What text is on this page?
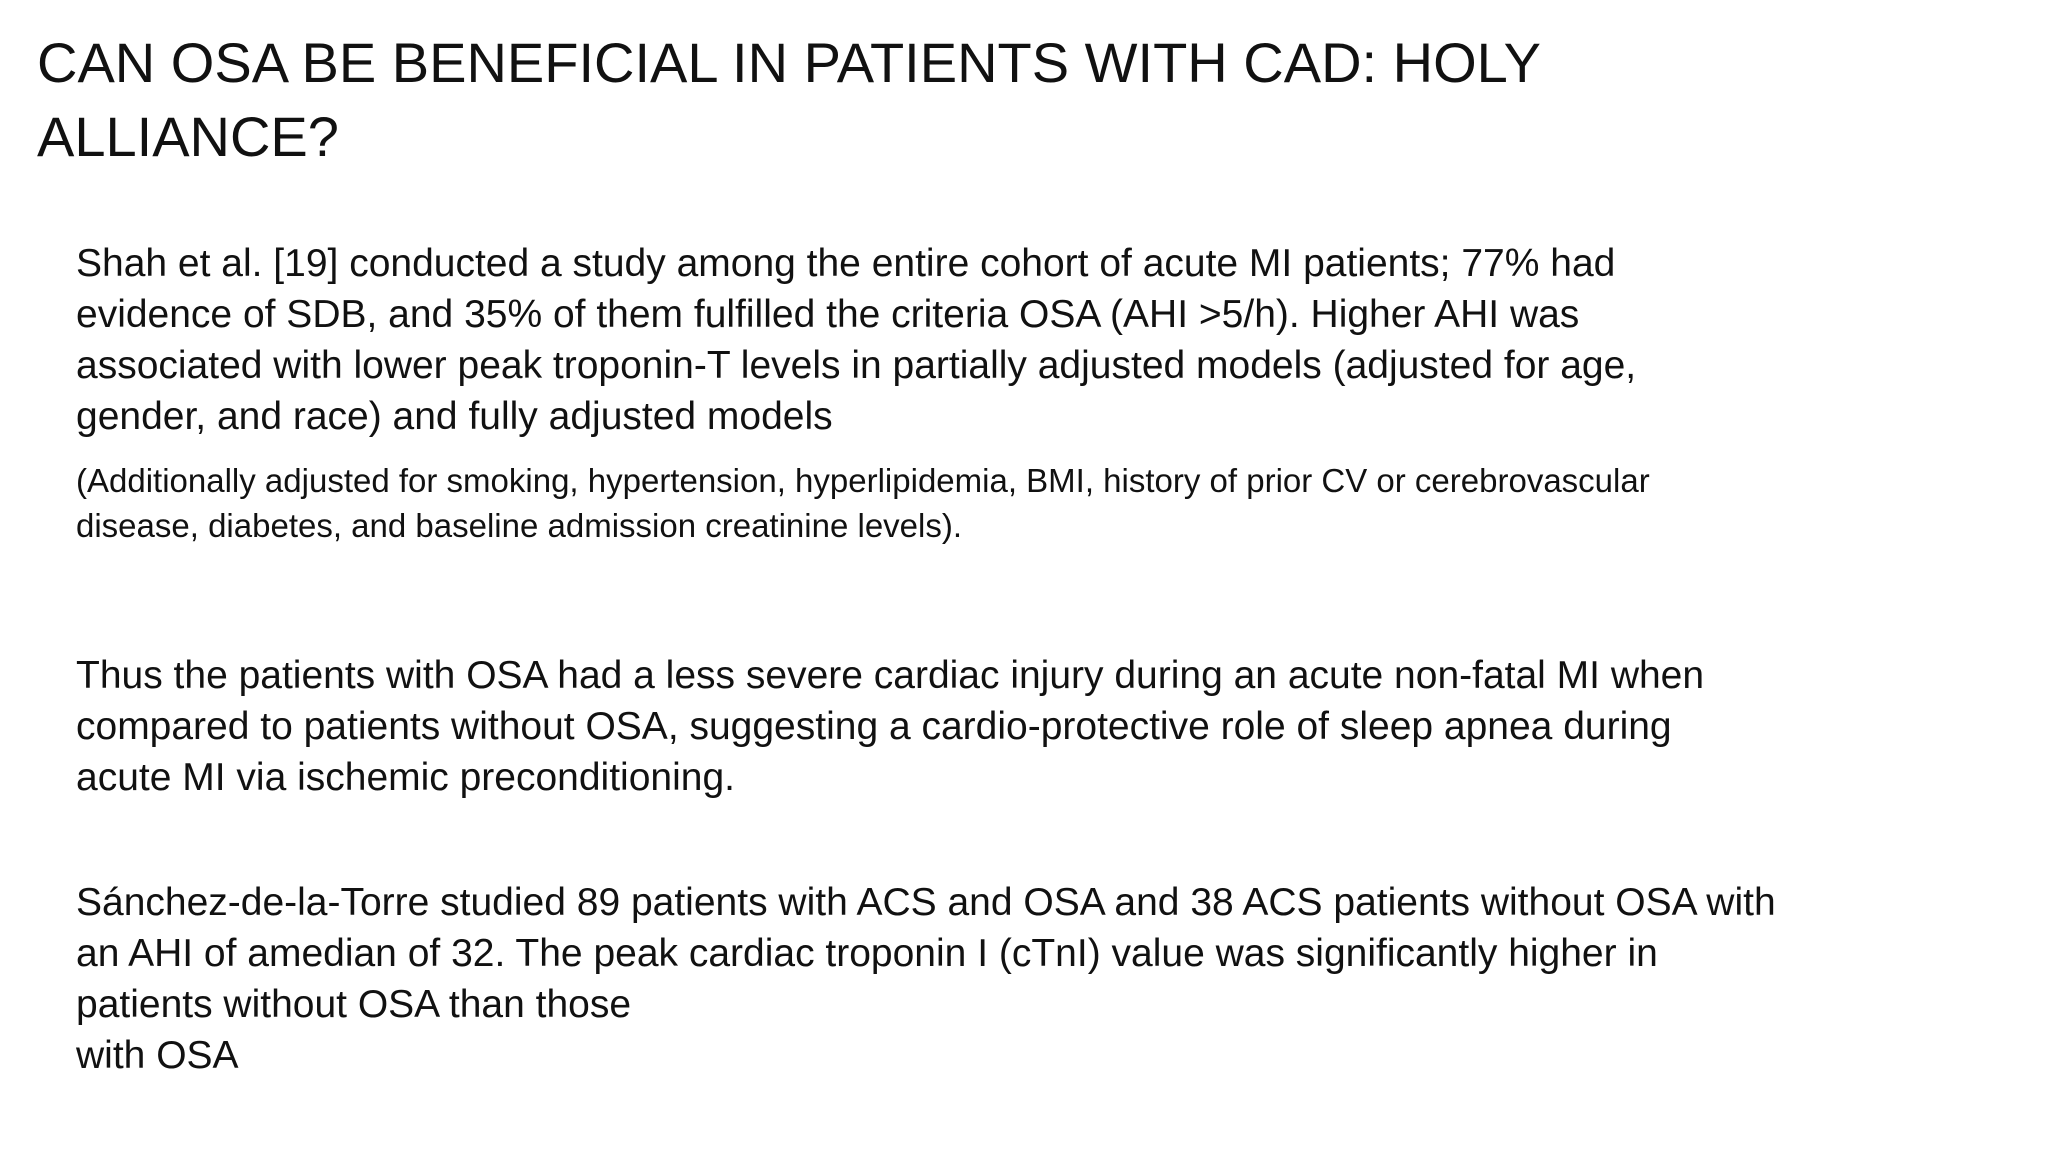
CAN OSA BE BENEFICIAL IN PATIENTS WITH CAD: HOLY
ALLIANCE?

Shah et al. [19] conducted a study among the entire cohort of acute MI patients; 77% had
evidence of SDB, and 35% of them fulfilled the criteria OSA (AHI >5/h). Higher AHI was
associated with lower peak troponin-T levels in partially adjusted models (adjusted for age,
gender, and race) and fully adjusted models

(Additionally adjusted for smoking, hypertension, hyperlipidemia, BMI, history of prior CV or cerebrovascular
disease, diabetes, and baseline admission creatinine levels).

Thus the patients with OSA had a less severe cardiac injury during an acute non-fatal MI when
compared to patients without OSA, suggesting a cardio-protective role of sleep apnea during
acute MI via ischemic preconditioning.

Sánchez-de-la-Torre studied 89 patients with ACS and OSA and 38 ACS patients without OSA with
an AHI of amedian of 32. The peak cardiac troponin I (cTnI) value was significantly higher in
patients without OSA than those
with OSA
